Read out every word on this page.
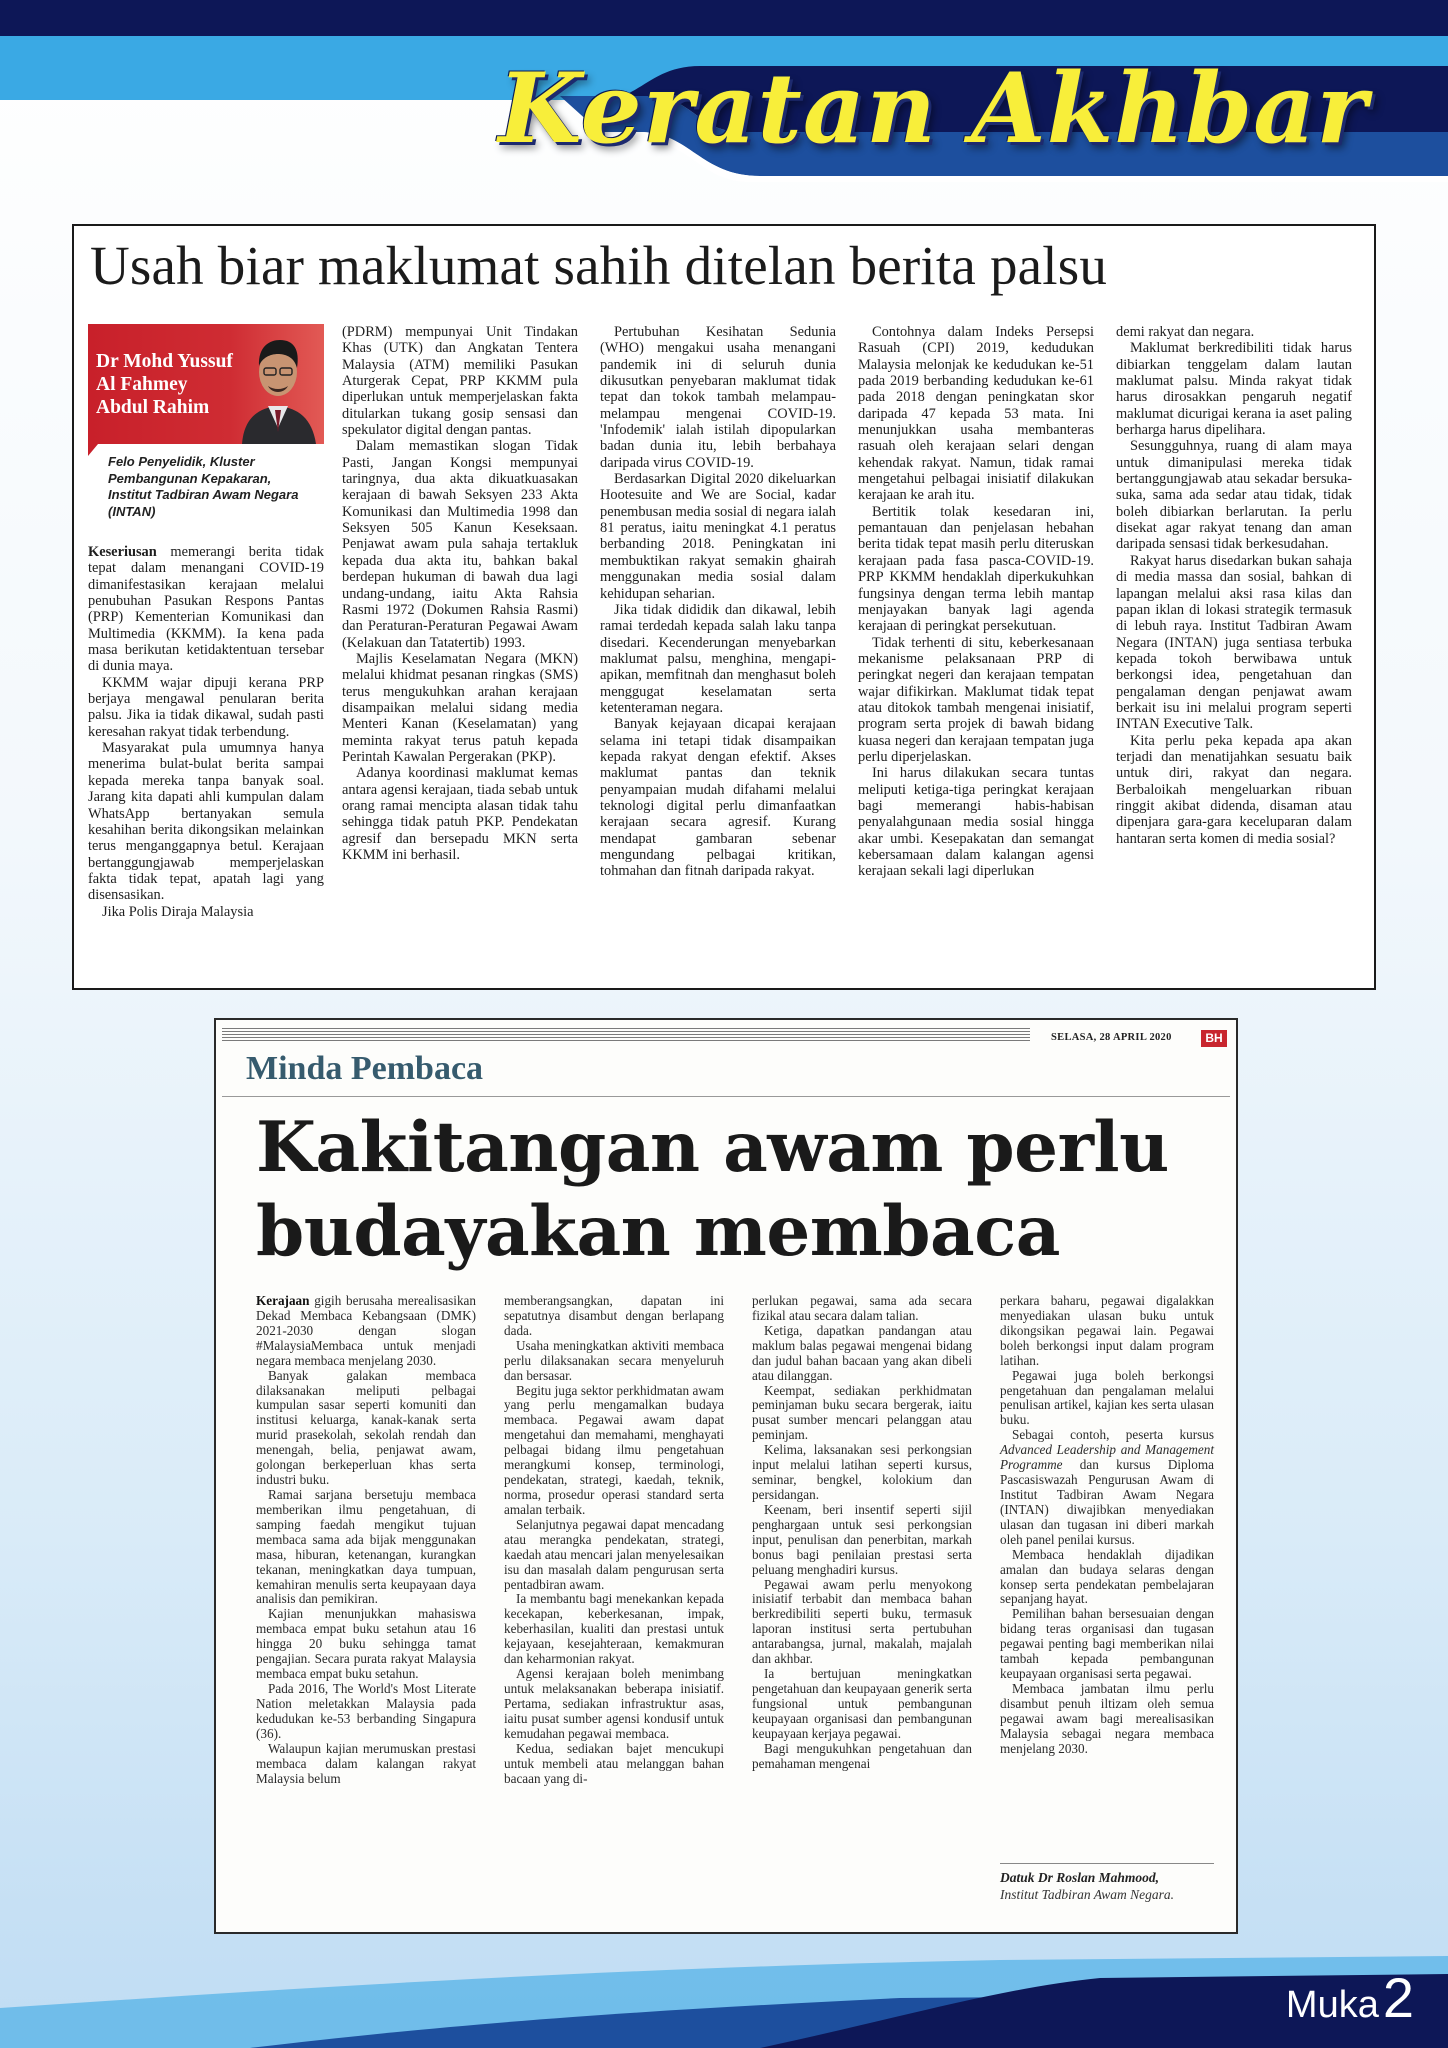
Keratan Akhbar
Muka2
Usah biar maklumat sahih ditelan berita palsu
Dr Mohd Yussuf
Al Fahmey
Abdul Rahim
Felo Penyelidik, Kluster
Pembangunan Kepakaran,
Institut Tadbiran Awam Negara
(INTAN)

Keseriusan memerangi berita tidak tepat dalam menangani COVID-19 dimanifestasikan kerajaan melalui penubuhan Pasukan Respons Pantas (PRP) Kementerian Komunikasi dan Multimedia (KKMM). Ia kena pada masa berikutan ketidaktentuan tersebar di dunia maya.

KKMM wajar dipuji kerana PRP berjaya mengawal penularan berita palsu. Jika ia tidak dikawal, sudah pasti keresahan rakyat tidak terbendung.

Masyarakat pula umumnya hanya menerima bulat-bulat berita sampai kepada mereka tanpa banyak soal. Jarang kita dapati ahli kumpulan dalam WhatsApp bertanyakan semula kesahihan berita dikongsikan melainkan terus menganggapnya betul. Kerajaan bertanggungjawab memperjelaskan fakta tidak tepat, apatah lagi yang disensasikan.

Jika Polis Diraja Malaysia

(PDRM) mempunyai Unit Tindakan Khas (UTK) dan Angkatan Tentera Malaysia (ATM) memiliki Pasukan Aturgerak Cepat, PRP KKMM pula diperlukan untuk memperjelaskan fakta ditularkan tukang gosip sensasi dan spekulator digital dengan pantas.

Dalam memastikan slogan Tidak Pasti, Jangan Kongsi mempunyai taringnya, dua akta dikuatkuasakan kerajaan di bawah Seksyen 233 Akta Komunikasi dan Multimedia 1998 dan Seksyen 505 Kanun Keseksaan. Penjawat awam pula sahaja tertakluk kepada dua akta itu, bahkan bakal berdepan hukuman di bawah dua lagi undang-undang, iaitu Akta Rahsia Rasmi 1972 (Dokumen Rahsia Rasmi) dan Peraturan-Peraturan Pegawai Awam (Kelakuan dan Tatatertib) 1993.

Majlis Keselamatan Negara (MKN) melalui khidmat pesanan ringkas (SMS) terus mengukuhkan arahan kerajaan disampaikan melalui sidang media Menteri Kanan (Keselamatan) yang meminta rakyat terus patuh kepada Perintah Kawalan Pergerakan (PKP).

Adanya koordinasi maklumat kemas antara agensi kerajaan, tiada sebab untuk orang ramai mencipta alasan tidak tahu sehingga tidak patuh PKP. Pendekatan agresif dan bersepadu MKN serta KKMM ini berhasil.

Pertubuhan Kesihatan Sedunia (WHO) mengakui usaha menangani pandemik ini di seluruh dunia dikusutkan penyebaran maklumat tidak tepat dan tokok tambah melampau-melampau mengenai COVID-19. 'Infodemik' ialah istilah dipopularkan badan dunia itu, lebih berbahaya daripada virus COVID-19.

Berdasarkan Digital 2020 dikeluarkan Hootesuite and We are Social, kadar penembusan media sosial di negara ialah 81 peratus, iaitu meningkat 4.1 peratus berbanding 2018. Peningkatan ini membuktikan rakyat semakin ghairah menggunakan media sosial dalam kehidupan seharian.

Jika tidak dididik dan dikawal, lebih ramai terdedah kepada salah laku tanpa disedari. Kecenderungan menyebarkan maklumat palsu, menghina, mengapi-apikan, memfitnah dan menghasut boleh menggugat keselamatan serta ketenteraman negara.

Banyak kejayaan dicapai kerajaan selama ini tetapi tidak disampaikan kepada rakyat dengan efektif. Akses maklumat pantas dan teknik penyampaian mudah difahami melalui teknologi digital perlu dimanfaatkan kerajaan secara agresif. Kurang mendapat gambaran sebenar mengundang pelbagai kritikan, tohmahan dan fitnah daripada rakyat.

Contohnya dalam Indeks Persepsi Rasuah (CPI) 2019, kedudukan Malaysia melonjak ke kedudukan ke-51 pada 2019 berbanding kedudukan ke-61 pada 2018 dengan peningkatan skor daripada 47 kepada 53 mata. Ini menunjukkan usaha membanteras rasuah oleh kerajaan selari dengan kehendak rakyat. Namun, tidak ramai mengetahui pelbagai inisiatif dilakukan kerajaan ke arah itu.

Bertitik tolak kesedaran ini, pemantauan dan penjelasan hebahan berita tidak tepat masih perlu diteruskan kerajaan pada fasa pasca-COVID-19. PRP KKMM hendaklah diperkukuhkan fungsinya dengan terma lebih mantap menjayakan banyak lagi agenda kerajaan di peringkat persekutuan.

Tidak terhenti di situ, keberkesanaan mekanisme pelaksanaan PRP di peringkat negeri dan kerajaan tempatan wajar difikirkan. Maklumat tidak tepat atau ditokok tambah mengenai inisiatif, program serta projek di bawah bidang kuasa negeri dan kerajaan tempatan juga perlu diperjelaskan.

Ini harus dilakukan secara tuntas meliputi ketiga-tiga peringkat kerajaan bagi memerangi habis-habisan penyalahgunaan media sosial hingga akar umbi. Kesepakatan dan semangat kebersamaan dalam kalangan agensi kerajaan sekali lagi diperlukan

demi rakyat dan negara.

Maklumat berkredibiliti tidak harus dibiarkan tenggelam dalam lautan maklumat palsu. Minda rakyat tidak harus dirosakkan pengaruh negatif maklumat dicurigai kerana ia aset paling berharga harus dipelihara.

Sesungguhnya, ruang di alam maya untuk dimanipulasi mereka tidak bertanggungjawab atau sekadar bersuka-suka, sama ada sedar atau tidak, tidak boleh dibiarkan berlarutan. Ia perlu disekat agar rakyat tenang dan aman daripada sensasi tidak berkesudahan.

Rakyat harus disedarkan bukan sahaja di media massa dan sosial, bahkan di lapangan melalui aksi rasa kilas dan papan iklan di lokasi strategik termasuk di lebuh raya. Institut Tadbiran Awam Negara (INTAN) juga sentiasa terbuka kepada tokoh berwibawa untuk berkongsi idea, pengetahuan dan pengalaman dengan penjawat awam berkait isu ini melalui program seperti INTAN Executive Talk.

Kita perlu peka kepada apa akan terjadi dan menatijahkan sesuatu baik untuk diri, rakyat dan negara. Berbaloikah mengeluarkan ribuan ringgit akibat didenda, disaman atau dipenjara gara-gara keceluparan dalam hantaran serta komen di media sosial?

SELASA, 28 APRIL 2020	BH
Minda Pembaca
Kakitangan awam perlu
budayakan membaca

Kerajaan gigih berusaha merealisasikan Dekad Membaca Kebangsaan (DMK) 2021-2030 dengan slogan #MalaysiaMembaca untuk menjadi negara membaca menjelang 2030.

Banyak galakan membaca dilaksanakan meliputi pelbagai kumpulan sasar seperti komuniti dan institusi keluarga, kanak-kanak serta murid prasekolah, sekolah rendah dan menengah, belia, penjawat awam, golongan berkeperluan khas serta industri buku.

Ramai sarjana bersetuju membaca memberikan ilmu pengetahuan, di samping faedah mengikut tujuan membaca sama ada bijak menggunakan masa, hiburan, ketenangan, kurangkan tekanan, meningkatkan daya tumpuan, kemahiran menulis serta keupayaan daya analisis dan pemikiran.

Kajian menunjukkan mahasiswa membaca empat buku setahun atau 16 hingga 20 buku sehingga tamat pengajian. Secara purata rakyat Malaysia membaca empat buku setahun.

Pada 2016, The World's Most Literate Nation meletakkan Malaysia pada kedudukan ke-53 berbanding Singapura (36).

Walaupun kajian merumuskan prestasi membaca dalam kalangan rakyat Malaysia belum

memberangsangkan, dapatan ini sepatutnya disambut dengan berlapang dada.

Usaha meningkatkan aktiviti membaca perlu dilaksanakan secara menyeluruh dan bersasar.

Begitu juga sektor perkhidmatan awam yang perlu mengamalkan budaya membaca. Pegawai awam dapat mengetahui dan memahami, menghayati pelbagai bidang ilmu pengetahuan merangkumi konsep, terminologi, pendekatan, strategi, kaedah, teknik, norma, prosedur operasi standard serta amalan terbaik.

Selanjutnya pegawai dapat mencadang atau merangka pendekatan, strategi, kaedah atau mencari jalan menyelesaikan isu dan masalah dalam pengurusan serta pentadbiran awam.

Ia membantu bagi menekankan kepada kecekapan, keberkesanan, impak, keberhasilan, kualiti dan prestasi untuk kejayaan, kesejahteraan, kemakmuran dan keharmonian rakyat.

Agensi kerajaan boleh menimbang untuk melaksanakan beberapa inisiatif. Pertama, sediakan infrastruktur asas, iaitu pusat sumber agensi kondusif untuk kemudahan pegawai membaca.

Kedua, sediakan bajet mencukupi untuk membeli atau melanggan bahan bacaan yang di-

perlukan pegawai, sama ada secara fizikal atau secara dalam talian.

Ketiga, dapatkan pandangan atau maklum balas pegawai mengenai bidang dan judul bahan bacaan yang akan dibeli atau dilanggan.

Keempat, sediakan perkhidmatan peminjaman buku secara bergerak, iaitu pusat sumber mencari pelanggan atau peminjam.

Kelima, laksanakan sesi perkongsian input melalui latihan seperti kursus, seminar, bengkel, kolokium dan persidangan.

Keenam, beri insentif seperti sijil penghargaan untuk sesi perkongsian input, penulisan dan penerbitan, markah bonus bagi penilaian prestasi serta peluang menghadiri kursus.

Pegawai awam perlu menyokong inisiatif terbabit dan membaca bahan berkredibiliti seperti buku, termasuk laporan institusi serta pertubuhan antarabangsa, jurnal, makalah, majalah dan akhbar.

Ia bertujuan meningkatkan pengetahuan dan keupayaan generik serta fungsional untuk pembangunan keupayaan organisasi dan pembangunan keupayaan kerjaya pegawai.

Bagi mengukuhkan pengetahuan dan pemahaman mengenai

perkara baharu, pegawai digalakkan menyediakan ulasan buku untuk dikongsikan pegawai lain. Pegawai boleh berkongsi input dalam program latihan.

Pegawai juga boleh berkongsi pengetahuan dan pengalaman melalui penulisan artikel, kajian kes serta ulasan buku.

Sebagai contoh, peserta kursus Advanced Leadership and Management Programme dan kursus Diploma Pascasiswazah Pengurusan Awam di Institut Tadbiran Awam Negara (INTAN) diwajibkan menyediakan ulasan dan tugasan ini diberi markah oleh panel penilai kursus.

Membaca hendaklah dijadikan amalan dan budaya selaras dengan konsep serta pendekatan pembelajaran sepanjang hayat.

Pemilihan bahan bersesuaian dengan bidang teras organisasi dan tugasan pegawai penting bagi memberikan nilai tambah kepada pembangunan keupayaan organisasi serta pegawai.

Membaca jambatan ilmu perlu disambut penuh iltizam oleh semua pegawai awam bagi merealisasikan Malaysia sebagai negara membaca menjelang 2030.

Datuk Dr Roslan Mahmood,
Institut Tadbiran Awam Negara.
